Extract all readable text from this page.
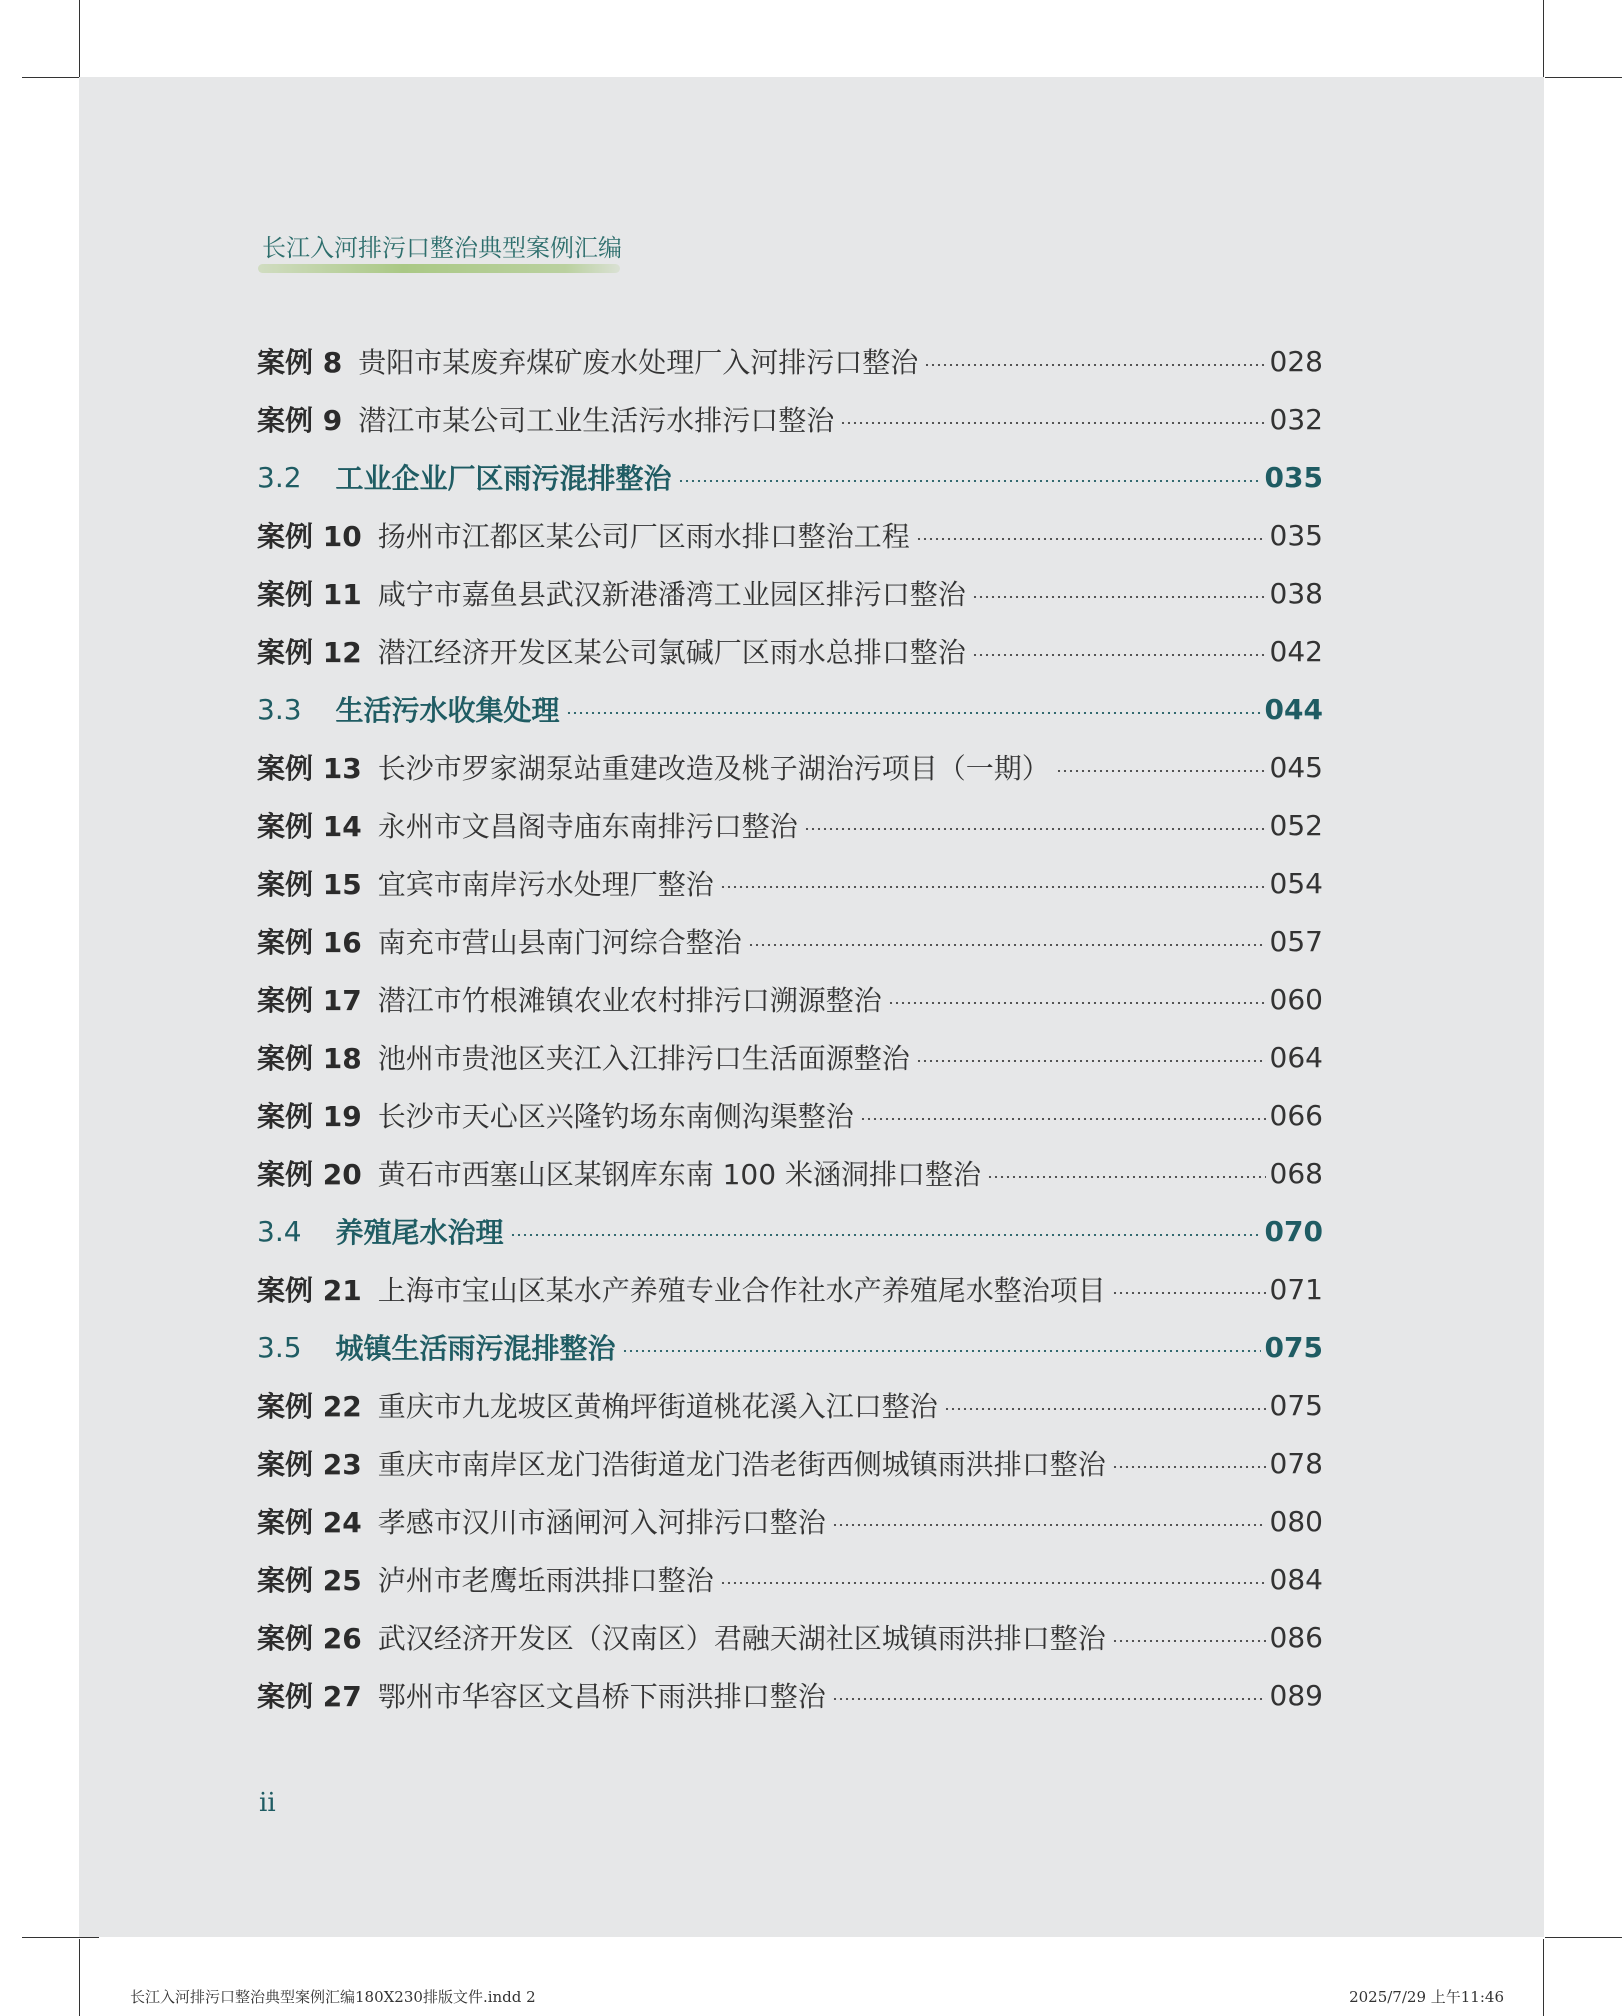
长江入河排污口整治典型案例汇编
案例 8 贵阳市某废弃煤矿废水处理厂入河排污口整治	028
案例 9 潜江市某公司工业生活污水排污口整治	032
3.2 工业企业厂区雨污混排整治	035
案例 10 扬州市江都区某公司厂区雨水排口整治工程	035
案例 11 咸宁市嘉鱼县武汉新港潘湾工业园区排污口整治	038
案例 12 潜江经济开发区某公司氯碱厂区雨水总排口整治	042
3.3 生活污水收集处理	044
案例 13 长沙市罗家湖泵站重建改造及桃子湖治污项目（一期）	045
案例 14 永州市文昌阁寺庙东南排污口整治	052
案例 15 宜宾市南岸污水处理厂整治	054
案例 16 南充市营山县南门河综合整治	057
案例 17 潜江市竹根滩镇农业农村排污口溯源整治	060
案例 18 池州市贵池区夹江入江排污口生活面源整治	064
案例 19 长沙市天心区兴隆钓场东南侧沟渠整治	066
案例 20 黄石市西塞山区某钢库东南 100 米涵洞排口整治	068
3.4 养殖尾水治理	070
案例 21 上海市宝山区某水产养殖专业合作社水产养殖尾水整治项目	071
3.5 城镇生活雨污混排整治	075
案例 22 重庆市九龙坡区黄桷坪街道桃花溪入江口整治	075
案例 23 重庆市南岸区龙门浩街道龙门浩老街西侧城镇雨洪排口整治	078
案例 24 孝感市汉川市涵闸河入河排污口整治	080
案例 25 泸州市老鹰坵雨洪排口整治	084
案例 26 武汉经济开发区（汉南区）君融天湖社区城镇雨洪排口整治	086
案例 27 鄂州市华容区文昌桥下雨洪排口整治	089
ii
长江入河排污口整治典型案例汇编180X230排版文件.indd 2	2025/7/29 上午11:46
